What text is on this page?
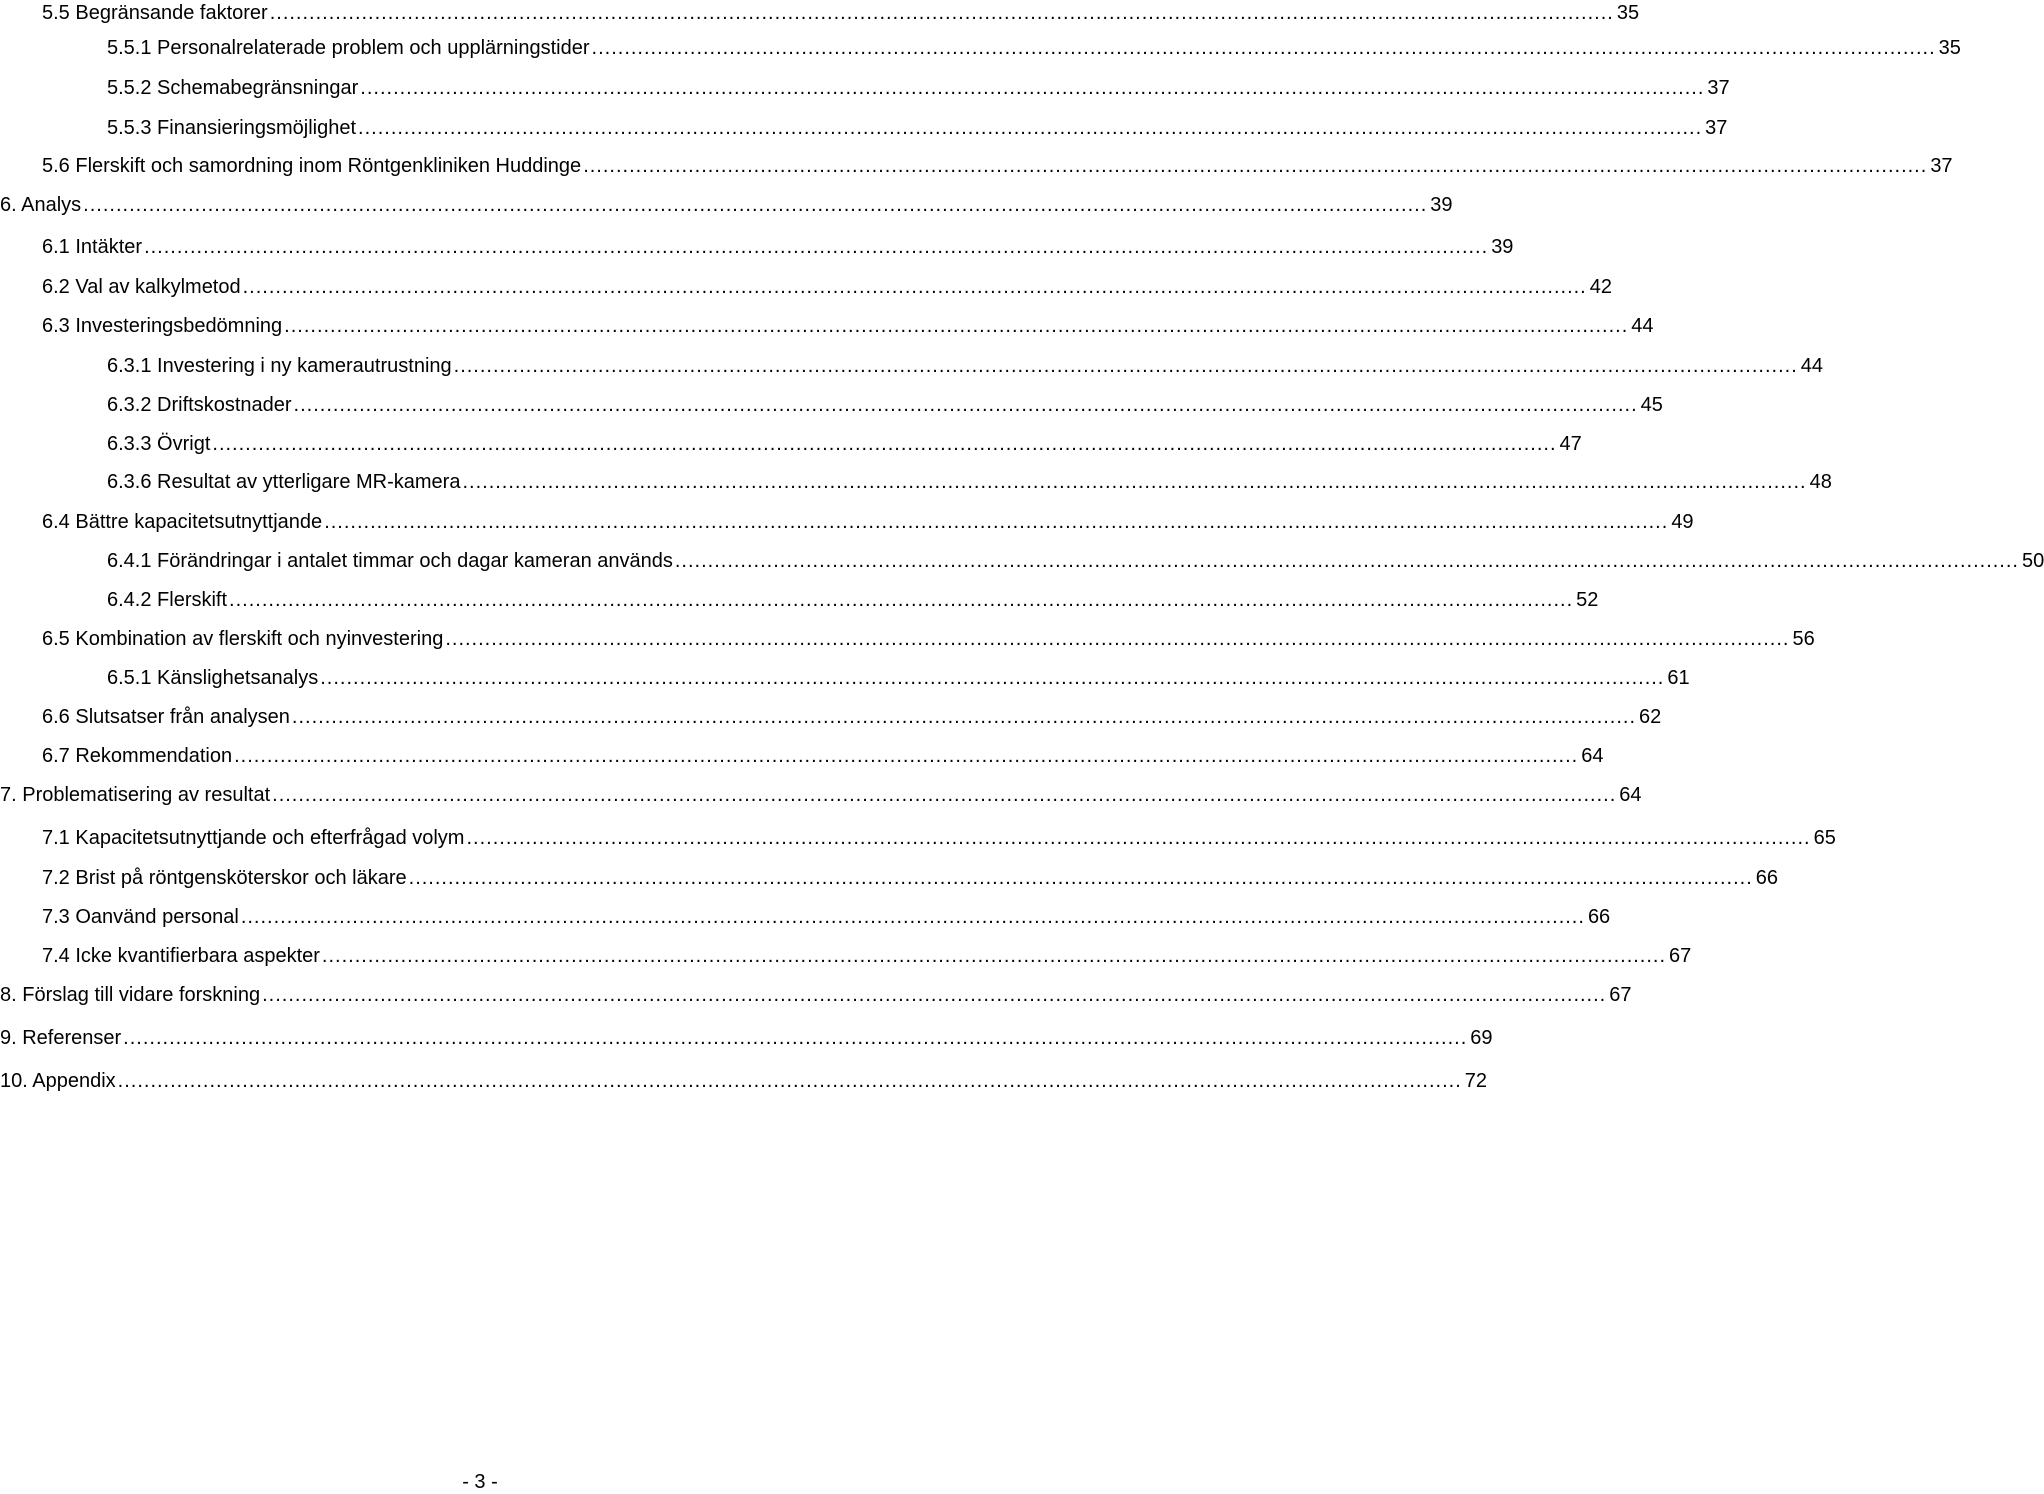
5.5 Begränsande faktorer ............................................................................................................................................................................................................. 35
5.5.1 Personalrelaterade problem och upplärningstider ............................................................................................................................................................................................................. 35
5.5.2 Schemabegränsningar ............................................................................................................................................................................................................. 37
5.5.3 Finansieringsmöjlighet ............................................................................................................................................................................................................. 37
5.6 Flerskift och samordning inom Röntgenkliniken Huddinge ............................................................................................................................................................................................................. 37
6. Analys ............................................................................................................................................................................................................. 39
6.1 Intäkter ............................................................................................................................................................................................................. 39
6.2 Val av kalkylmetod ............................................................................................................................................................................................................. 42
6.3 Investeringsbedömning ............................................................................................................................................................................................................. 44
6.3.1 Investering i ny kamerautrustning ............................................................................................................................................................................................................. 44
6.3.2 Driftskostnader ............................................................................................................................................................................................................. 45
6.3.3 Övrigt ............................................................................................................................................................................................................. 47
6.3.6 Resultat av ytterligare MR-kamera ............................................................................................................................................................................................................. 48
6.4 Bättre kapacitetsutnyttjande ............................................................................................................................................................................................................. 49
6.4.1 Förändringar i antalet timmar och dagar kameran används ............................................................................................................................................................................................................. 50
6.4.2 Flerskift ............................................................................................................................................................................................................. 52
6.5 Kombination av flerskift och nyinvestering ............................................................................................................................................................................................................. 56
6.5.1 Känslighetsanalys ............................................................................................................................................................................................................. 61
6.6 Slutsatser från analysen ............................................................................................................................................................................................................. 62
6.7 Rekommendation ............................................................................................................................................................................................................. 64
7. Problematisering av resultat ............................................................................................................................................................................................................. 64
7.1 Kapacitetsutnyttjande och efterfrågad volym ............................................................................................................................................................................................................. 65
7.2 Brist på röntgensköterskor och läkare ............................................................................................................................................................................................................. 66
7.3 Oanvänd personal ............................................................................................................................................................................................................. 66
7.4 Icke kvantifierbara aspekter ............................................................................................................................................................................................................. 67
8. Förslag till vidare forskning ............................................................................................................................................................................................................. 67
9. Referenser ............................................................................................................................................................................................................. 69
10. Appendix ............................................................................................................................................................................................................. 72
- 3 -
